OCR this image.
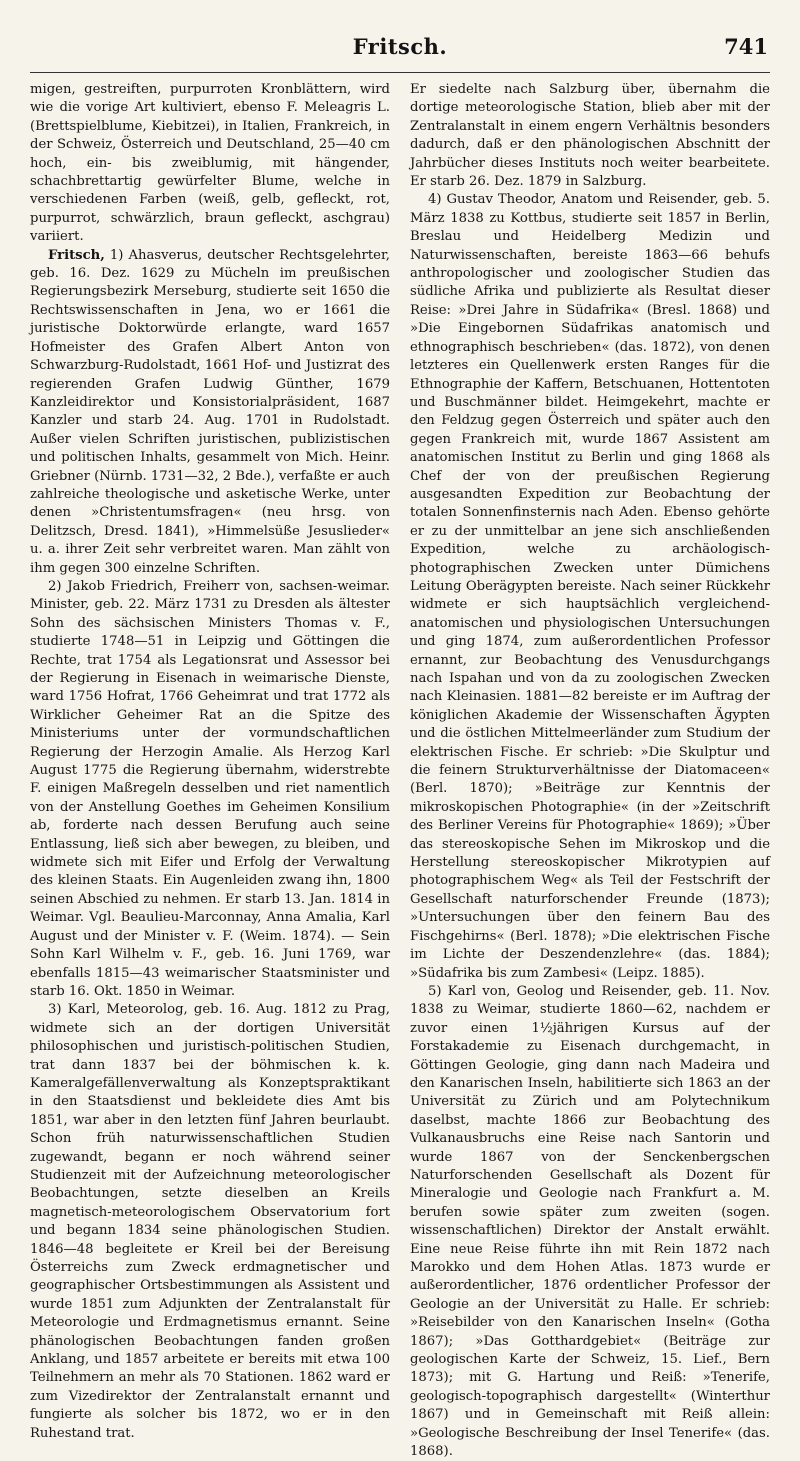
Fritsch.	741

migen, gestreiften, purpurroten Kronblättern, wird wie die vorige Art kultiviert, ebenso F. Meleagris L. (Brettspielblume, Kiebitzei), in Italien, Frankreich, in der Schweiz, Österreich und Deutschland, 25—40 cm hoch, ein- bis zweiblumig, mit hängender, schachbrettartig gewürfelter Blume, welche in verschiedenen Farben (weiß, gelb, gefleckt, rot, purpurrot, schwärzlich, braun gefleckt, aschgrau) variiert.

Fritsch, 1) Ahasverus, deutscher Rechtsgelehrter, geb. 16. Dez. 1629 zu Mücheln im preußischen Regierungsbezirk Merseburg, studierte seit 1650 die Rechtswissenschaften in Jena, wo er 1661 die juristische Doktorwürde erlangte, ward 1657 Hofmeister des Grafen Albert Anton von Schwarzburg-Rudolstadt, 1661 Hof- und Justizrat des regierenden Grafen Ludwig Günther, 1679 Kanzleidirektor und Konsistorialpräsident, 1687 Kanzler und starb 24. Aug. 1701 in Rudolstadt. Außer vielen Schriften juristischen, publizistischen und politischen Inhalts, gesammelt von Mich. Heinr. Griebner (Nürnb. 1731—32, 2 Bde.), verfaßte er auch zahlreiche theologische und asketische Werke, unter denen »Christentumsfragen« (neu hrsg. von Delitzsch, Dresd. 1841), »Himmelsüße Jesuslieder« u. a. ihrer Zeit sehr verbreitet waren. Man zählt von ihm gegen 300 einzelne Schriften.

2) Jakob Friedrich, Freiherr von, sachsen-weimar. Minister, geb. 22. März 1731 zu Dresden als ältester Sohn des sächsischen Ministers Thomas v. F., studierte 1748—51 in Leipzig und Göttingen die Rechte, trat 1754 als Legationsrat und Assessor bei der Regierung in Eisenach in weimarische Dienste, ward 1756 Hofrat, 1766 Geheimrat und trat 1772 als Wirklicher Geheimer Rat an die Spitze des Ministeriums unter der vormundschaftlichen Regierung der Herzogin Amalie. Als Herzog Karl August 1775 die Regierung übernahm, widerstrebte F. einigen Maßregeln desselben und riet namentlich von der Anstellung Goethes im Geheimen Konsilium ab, forderte nach dessen Berufung auch seine Entlassung, ließ sich aber bewegen, zu bleiben, und widmete sich mit Eifer und Erfolg der Verwaltung des kleinen Staats. Ein Augenleiden zwang ihn, 1800 seinen Abschied zu nehmen. Er starb 13. Jan. 1814 in Weimar. Vgl. Beaulieu-Marconnay, Anna Amalia, Karl August und der Minister v. F. (Weim. 1874). — Sein Sohn Karl Wilhelm v. F., geb. 16. Juni 1769, war ebenfalls 1815—43 weimarischer Staatsminister und starb 16. Okt. 1850 in Weimar.

3) Karl, Meteorolog, geb. 16. Aug. 1812 zu Prag, widmete sich an der dortigen Universität philosophischen und juristisch-politischen Studien, trat dann 1837 bei der böhmischen k. k. Kameralgefällenverwaltung als Konzeptspraktikant in den Staatsdienst und bekleidete dies Amt bis 1851, war aber in den letzten fünf Jahren beurlaubt. Schon früh naturwissenschaftlichen Studien zugewandt, begann er noch während seiner Studienzeit mit der Aufzeichnung meteorologischer Beobachtungen, setzte dieselben an Kreils magnetisch-meteorologischem Observatorium fort und begann 1834 seine phänologischen Studien. 1846—48 begleitete er Kreil bei der Bereisung Österreichs zum Zweck erdmagnetischer und geographischer Ortsbestimmungen als Assistent und wurde 1851 zum Adjunkten der Zentralanstalt für Meteorologie und Erdmagnetismus ernannt. Seine phänologischen Beobachtungen fanden großen Anklang, und 1857 arbeitete er bereits mit etwa 100 Teilnehmern an mehr als 70 Stationen. 1862 ward er zum Vizedirektor der Zentralanstalt ernannt und fungierte als solcher bis 1872, wo er in den Ruhestand trat.

Er siedelte nach Salzburg über, übernahm die dortige meteorologische Station, blieb aber mit der Zentralanstalt in einem engern Verhältnis besonders dadurch, daß er den phänologischen Abschnitt der Jahrbücher dieses Instituts noch weiter bearbeitete. Er starb 26. Dez. 1879 in Salzburg.

4) Gustav Theodor, Anatom und Reisender, geb. 5. März 1838 zu Kottbus, studierte seit 1857 in Berlin, Breslau und Heidelberg Medizin und Naturwissenschaften, bereiste 1863—66 behufs anthropologischer und zoologischer Studien das südliche Afrika und publizierte als Resultat dieser Reise: »Drei Jahre in Südafrika« (Bresl. 1868) und »Die Eingebornen Südafrikas anatomisch und ethnographisch beschrieben« (das. 1872), von denen letzteres ein Quellenwerk ersten Ranges für die Ethnographie der Kaffern, Betschuanen, Hottentoten und Buschmänner bildet. Heimgekehrt, machte er den Feldzug gegen Österreich und später auch den gegen Frankreich mit, wurde 1867 Assistent am anatomischen Institut zu Berlin und ging 1868 als Chef der von der preußischen Regierung ausgesandten Expedition zur Beobachtung der totalen Sonnenfinsternis nach Aden. Ebenso gehörte er zu der unmittelbar an jene sich anschließenden Expedition, welche zu archäologisch-photographischen Zwecken unter Dümichens Leitung Oberägypten bereiste. Nach seiner Rückkehr widmete er sich hauptsächlich vergleichend-anatomischen und physiologischen Untersuchungen und ging 1874, zum außerordentlichen Professor ernannt, zur Beobachtung des Venusdurchgangs nach Ispahan und von da zu zoologischen Zwecken nach Kleinasien. 1881—82 bereiste er im Auftrag der königlichen Akademie der Wissenschaften Ägypten und die östlichen Mittelmeerländer zum Studium der elektrischen Fische. Er schrieb: »Die Skulptur und die feinern Strukturverhältnisse der Diatomaceen« (Berl. 1870); »Beiträge zur Kenntnis der mikroskopischen Photographie« (in der »Zeitschrift des Berliner Vereins für Photographie« 1869); »Über das stereoskopische Sehen im Mikroskop und die Herstellung stereoskopischer Mikrotypien auf photographischem Weg« als Teil der Festschrift der Gesellschaft naturforschender Freunde (1873); »Untersuchungen über den feinern Bau des Fischgehirns« (Berl. 1878); »Die elektrischen Fische im Lichte der Deszendenzlehre« (das. 1884); »Südafrika bis zum Zambesi« (Leipz. 1885).

5) Karl von, Geolog und Reisender, geb. 11. Nov. 1838 zu Weimar, studierte 1860—62, nachdem er zuvor einen 1½jährigen Kursus auf der Forstakademie zu Eisenach durchgemacht, in Göttingen Geologie, ging dann nach Madeira und den Kanarischen Inseln, habilitierte sich 1863 an der Universität zu Zürich und am Polytechnikum daselbst, machte 1866 zur Beobachtung des Vulkanausbruchs eine Reise nach Santorin und wurde 1867 von der Senckenbergschen Naturforschenden Gesellschaft als Dozent für Mineralogie und Geologie nach Frankfurt a. M. berufen sowie später zum zweiten (sogen. wissenschaftlichen) Direktor der Anstalt erwählt. Eine neue Reise führte ihn mit Rein 1872 nach Marokko und dem Hohen Atlas. 1873 wurde er außerordentlicher, 1876 ordentlicher Professor der Geologie an der Universität zu Halle. Er schrieb: »Reisebilder von den Kanarischen Inseln« (Gotha 1867); »Das Gotthardgebiet« (Beiträge zur geologischen Karte der Schweiz, 15. Lief., Bern 1873); mit G. Hartung und Reiß: »Tenerife, geologisch-topographisch dargestellt« (Winterthur 1867) und in Gemeinschaft mit Reiß allein: »Geologische Beschreibung der Insel Tenerife« (das. 1868).
